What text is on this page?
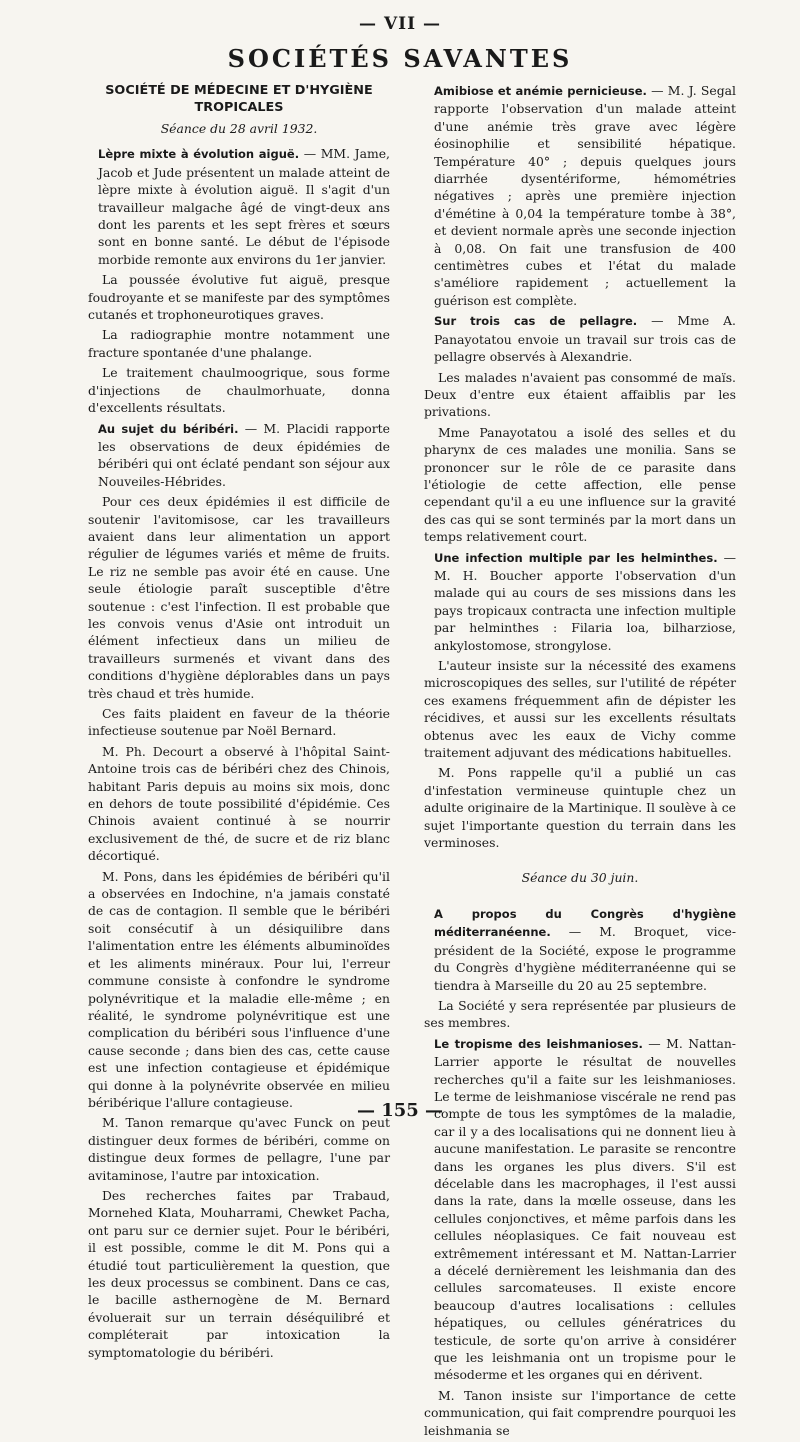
— VII —
SOCIÉTÉS SAVANTES
SOCIÉTÉ DE MÉDECINE ET D'HYGIÈNE TROPICALES
Séance du 28 avril 1932.

Lèpre mixte à évolution aiguë. — MM. Jame, Jacob et Jude présentent un malade atteint de lèpre mixte à évolution aiguë. Il s'agit d'un travailleur malgache âgé de vingt-deux ans dont les parents et les sept frères et sœurs sont en bonne santé. Le début de l'épisode morbide remonte aux environs du 1er janvier.

La poussée évolutive fut aiguë, presque foudroyante et se manifeste par des symptômes cutanés et trophoneurotiques graves.

La radiographie montre notamment une fracture spontanée d'une phalange.

Le traitement chaulmoogrique, sous forme d'injections de chaulmorhuate, donna d'excellents résultats.

Au sujet du béribéri. — M. Placidi rapporte les observations de deux épidémies de béribéri qui ont éclaté pendant son séjour aux Nouveiles-Hébrides.

Pour ces deux épidémies il est difficile de soutenir l'avitomisose, car les travailleurs avaient dans leur alimentation un apport régulier de légumes variés et même de fruits. Le riz ne semble pas avoir été en cause. Une seule étiologie paraît susceptible d'être soutenue : c'est l'infection. Il est probable que les convois venus d'Asie ont introduit un élément infectieux dans un milieu de travailleurs surmenés et vivant dans des conditions d'hygiène déplorables dans un pays très chaud et très humide.

Ces faits plaident en faveur de la théorie infectieuse soutenue par Noël Bernard.

M. Ph. Decourt a observé à l'hôpital Saint-Antoine trois cas de béribéri chez des Chinois, habitant Paris depuis au moins six mois, donc en dehors de toute possibilité d'épidémie. Ces Chinois avaient continué à se nourrir exclusivement de thé, de sucre et de riz blanc décortiqué.

M. Pons, dans les épidémies de béribéri qu'il a observées en Indochine, n'a jamais constaté de cas de contagion. Il semble que le béribéri soit consécutif à un désiquilibre dans l'alimentation entre les éléments albuminoïdes et les aliments minéraux. Pour lui, l'erreur commune consiste à confondre le syndrome polynévritique et la maladie elle-même ; en réalité, le syndrome polynévritique est une complication du béribéri sous l'influence d'une cause seconde ; dans bien des cas, cette cause est une infection contagieuse et épidémique qui donne à la polynévrite observée en milieu béribérique l'allure contagieuse.

M. Tanon remarque qu'avec Funck on peut distinguer deux formes de béribéri, comme on distingue deux formes de pellagre, l'une par avitaminose, l'autre par intoxication.

Des recherches faites par Trabaud, Mornehed Klata, Mouharrami, Chewket Pacha, ont paru sur ce dernier sujet. Pour le béribéri, il est possible, comme le dit M. Pons qui a étudié tout particulièrement la question, que les deux processus se combinent. Dans ce cas, le bacille asthernogène de M. Bernard évoluerait sur un terrain déséquilibré et compléterait par intoxication la symptomatologie du béribéri.

Amibiose et anémie pernicieuse. — M. J. Segal rapporte l'observation d'un malade atteint d'une anémie très grave avec légère éosinophilie et sensibilité hépatique. Température 40° ; depuis quelques jours diarrhée dysentériforme, hémométries négatives ; après une première injection d'émétine à 0,04 la température tombe à 38°, et devient normale après une seconde injection à 0,08. On fait une transfusion de 400 centimètres cubes et l'état du malade s'améliore rapidement ; actuellement la guérison est complète.

Sur trois cas de pellagre. — Mme A. Panayotatou envoie un travail sur trois cas de pellagre observés à Alexandrie.

Les malades n'avaient pas consommé de maïs. Deux d'entre eux étaient affaiblis par les privations.

Mme Panayotatou a isolé des selles et du pharynx de ces malades une monilia. Sans se prononcer sur le rôle de ce parasite dans l'étiologie de cette affection, elle pense cependant qu'il a eu une influence sur la gravité des cas qui se sont terminés par la mort dans un temps relativement court.

Une infection multiple par les helminthes. — M. H. Boucher apporte l'observation d'un malade qui au cours de ses missions dans les pays tropicaux contracta une infection multiple par helminthes : Filaria loa, bilharziose, ankylostomose, strongylose.

L'auteur insiste sur la nécessité des examens microscopiques des selles, sur l'utilité de répéter ces examens fréquemment afin de dépister les récidives, et aussi sur les excellents résultats obtenus avec les eaux de Vichy comme traitement adjuvant des médications habituelles.

M. Pons rappelle qu'il a publié un cas d'infestation vermineuse quintuple chez un adulte originaire de la Martinique. Il soulève à ce sujet l'importante question du terrain dans les verminoses.

Séance du 30 juin.

A propos du Congrès d'hygiène méditerranéenne. — M. Broquet, vice-président de la Société, expose le programme du Congrès d'hygiène méditerranéenne qui se tiendra à Marseille du 20 au 25 septembre.

La Société y sera représentée par plusieurs de ses membres.

Le tropisme des leishmanioses. — M. Nattan-Larrier apporte le résultat de nouvelles recherches qu'il a faite sur les leishmanioses. Le terme de leishmaniose viscérale ne rend pas compte de tous les symptômes de la maladie, car il y a des localisations qui ne donnent lieu à aucune manifestation. Le parasite se rencontre dans les organes les plus divers. S'il est décelable dans les macrophages, il l'est aussi dans la rate, dans la mœlle osseuse, dans les cellules conjonctives, et même parfois dans les cellules néoplasiques. Ce fait nouveau est extrêmement intéressant et M. Nattan-Larrier a décelé dernièrement les leishmania dan des cellules sarcomateuses. Il existe encore beaucoup d'autres localisations : cellules hépatiques, ou cellules génératrices du testicule, de sorte qu'on arrive à considérer que les leishmania ont un tropisme pour le mésoderme et les organes qui en dérivent.

M. Tanon insiste sur l'importance de cette communication, qui fait comprendre pourquoi les leishmania se

— 155 —
